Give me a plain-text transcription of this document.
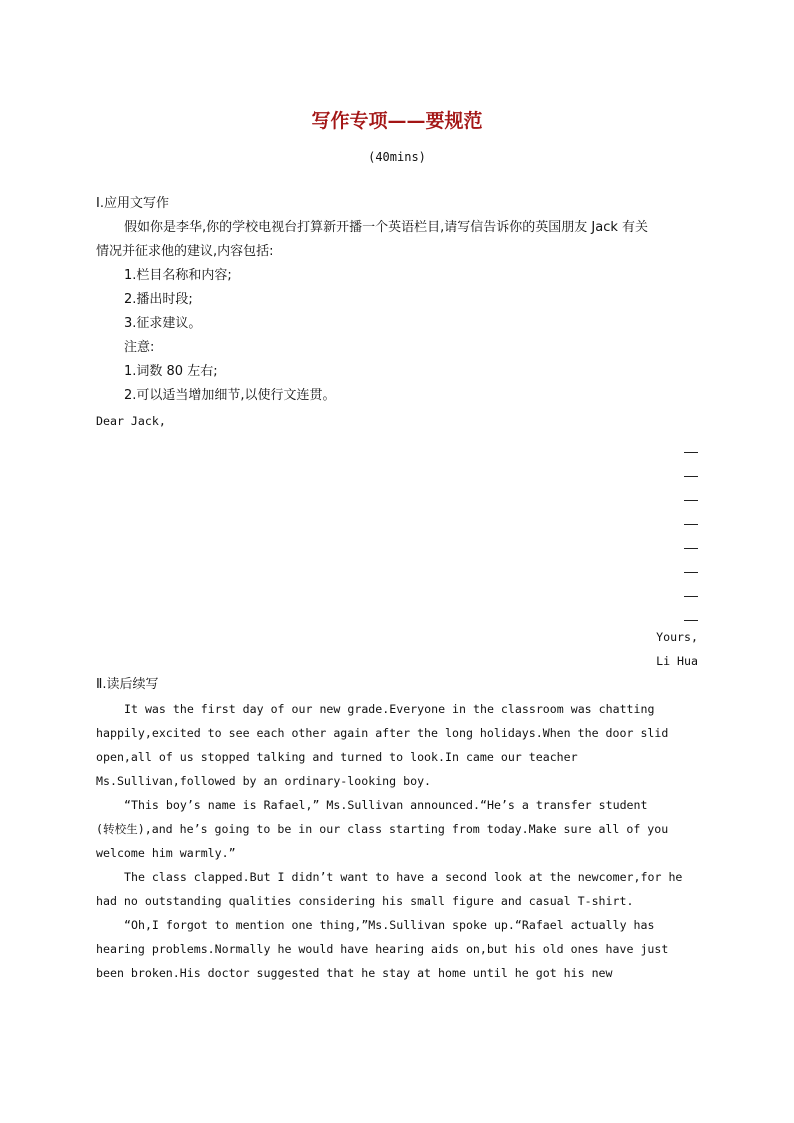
写作专项——要规范
(40mins)
Ⅰ.应用文写作
假如你是李华,你的学校电视台打算新开播一个英语栏目,请写信告诉你的英国朋友 Jack 有关
情况并征求他的建议,内容包括:
1.栏目名称和内容;
2.播出时段;
3.征求建议。
注意:
1.词数 80 左右;
2.可以适当增加细节,以使行文连贯。
Dear Jack,
Yours,
Li Hua
Ⅱ.读后续写
It was the first day of our new grade.Everyone in the classroom was chatting
happily,excited to see each other again after the long holidays.When the door slid
open,all of us stopped talking and turned to look.In came our teacher
Ms.Sullivan,followed by an ordinary-looking boy.
“This boy’s name is Rafael,” Ms.Sullivan announced.“He’s a transfer student
(转校生),and he’s going to be in our class starting from today.Make sure all of you
welcome him warmly.”
The class clapped.But I didn’t want to have a second look at the newcomer,for he
had no outstanding qualities considering his small figure and casual T-shirt.
“Oh,I forgot to mention one thing,”Ms.Sullivan spoke up.“Rafael actually has
hearing problems.Normally he would have hearing aids on,but his old ones have just
been broken.His doctor suggested that he stay at home until he got his new
